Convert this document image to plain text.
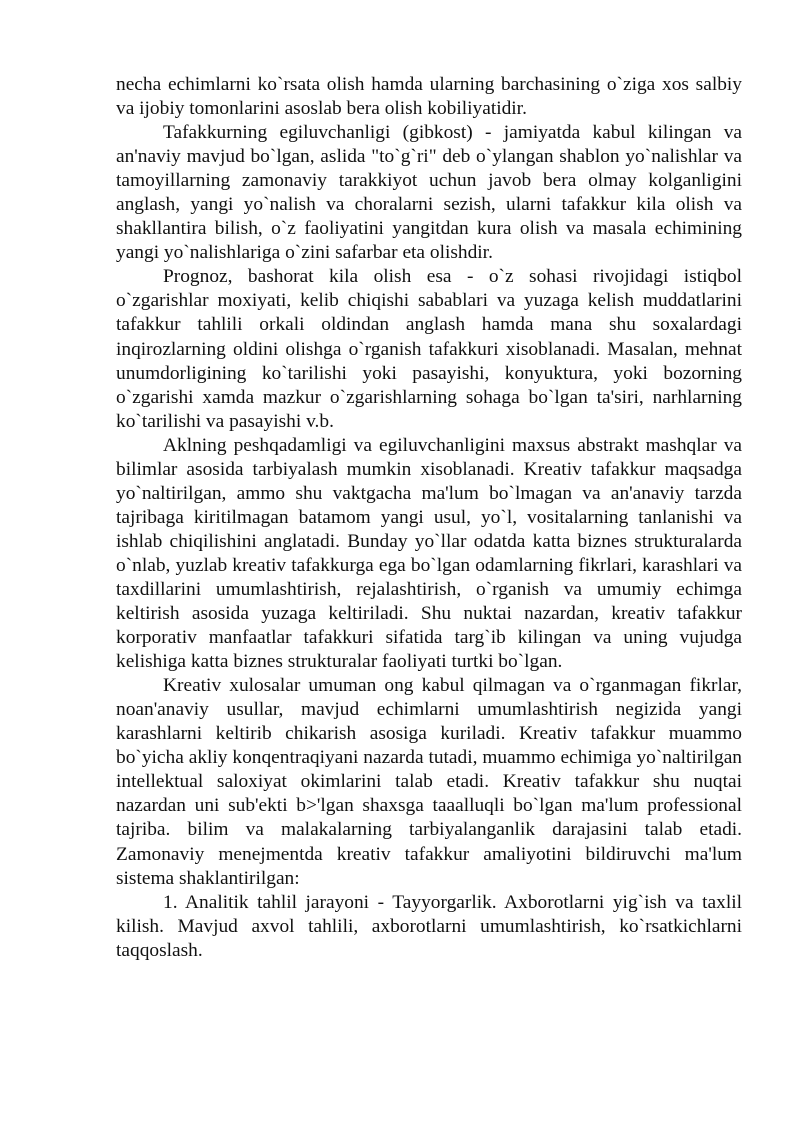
necha echimlarni ko`rsata olish hamda ularning barchasining o`ziga xos salbiy va ijobiy tomonlarini asoslab bera olish kobiliyatidir.

Tafakkurning egiluvchanligi (gibkost) - jamiyatda kabul kilingan va an'naviy mavjud bo`lgan, aslida "to`g`ri" deb o`ylangan shablon yo`nalishlar va tamoyillarning zamonaviy tarakkiyot uchun javob bera olmay kolganligini anglash, yangi yo`nalish va choralarni sezish, ularni tafakkur kila olish va shakllantira bilish, o`z faoliyatini yangitdan kura olish va masala echimining yangi yo`nalishlariga o`zini safarbar eta olishdir.

Prognoz, bashorat kila olish esa - o`z sohasi rivojidagi istiqbol o`zgarishlar moxiyati, kelib chiqishi sabablari va yuzaga kelish muddatlarini tafakkur tahlili orkali oldindan anglash hamda mana shu soxalardagi inqirozlarning oldini olishga o`rganish tafakkuri xisoblanadi. Masalan, mehnat unumdorligining ko`tarilishi yoki pasayishi, konyuktura, yoki bozorning o`zgarishi xamda mazkur o`zgarishlarning sohaga bo`lgan ta'siri, narhlarning ko`tarilishi va pasayishi v.b.

Aklning peshqadamligi va egiluvchanligini maxsus abstrakt mashqlar va bilimlar asosida tarbiyalash mumkin xisoblanadi. Kreativ tafakkur maqsadga yo`naltirilgan, ammo shu vaktgacha ma'lum bo`lmagan va an'anaviy tarzda tajribaga kiritilmagan batamom yangi usul, yo`l, vositalarning tanlanishi va ishlab chiqilishini anglatadi. Bunday yo`llar odatda katta biznes strukturalarda o`nlab, yuzlab kreativ tafakkurga ega bo`lgan odamlarning fikrlari, karashlari va taxdillarini umumlashtirish, rejalashtirish, o`rganish va umumiy echimga keltirish asosida yuzaga keltiriladi. Shu nuktai nazardan, kreativ tafakkur korporativ manfaatlar tafakkuri sifatida targ`ib kilingan va uning vujudga kelishiga katta biznes strukturalar faoliyati turtki bo`lgan.

Kreativ xulosalar umuman ong kabul qilmagan va o`rganmagan fikrlar, noan'anaviy usullar, mavjud echimlarni umumlashtirish negizida yangi karashlarni keltirib chikarish asosiga kuriladi. Kreativ tafakkur muammo bo`yicha akliy konqentraqiyani nazarda tutadi, muammo echimiga yo`naltirilgan intellektual saloxiyat okimlarini talab etadi. Kreativ tafakkur shu nuqtai nazardan uni sub'ekti b>'lgan shaxsga taaalluqli bo`lgan ma'lum professional tajriba. bilim va malakalarning tarbiyalanganlik darajasini talab etadi. Zamonaviy menejmentda kreativ tafakkur amaliyotini bildiruvchi ma'lum sistema shaklantirilgan:

1. Analitik tahlil jarayoni - Tayyorgarlik. Axborotlarni yig`ish va taxlil kilish. Mavjud axvol tahlili, axborotlarni umumlashtirish, ko`rsatkichlarni taqqoslash.
